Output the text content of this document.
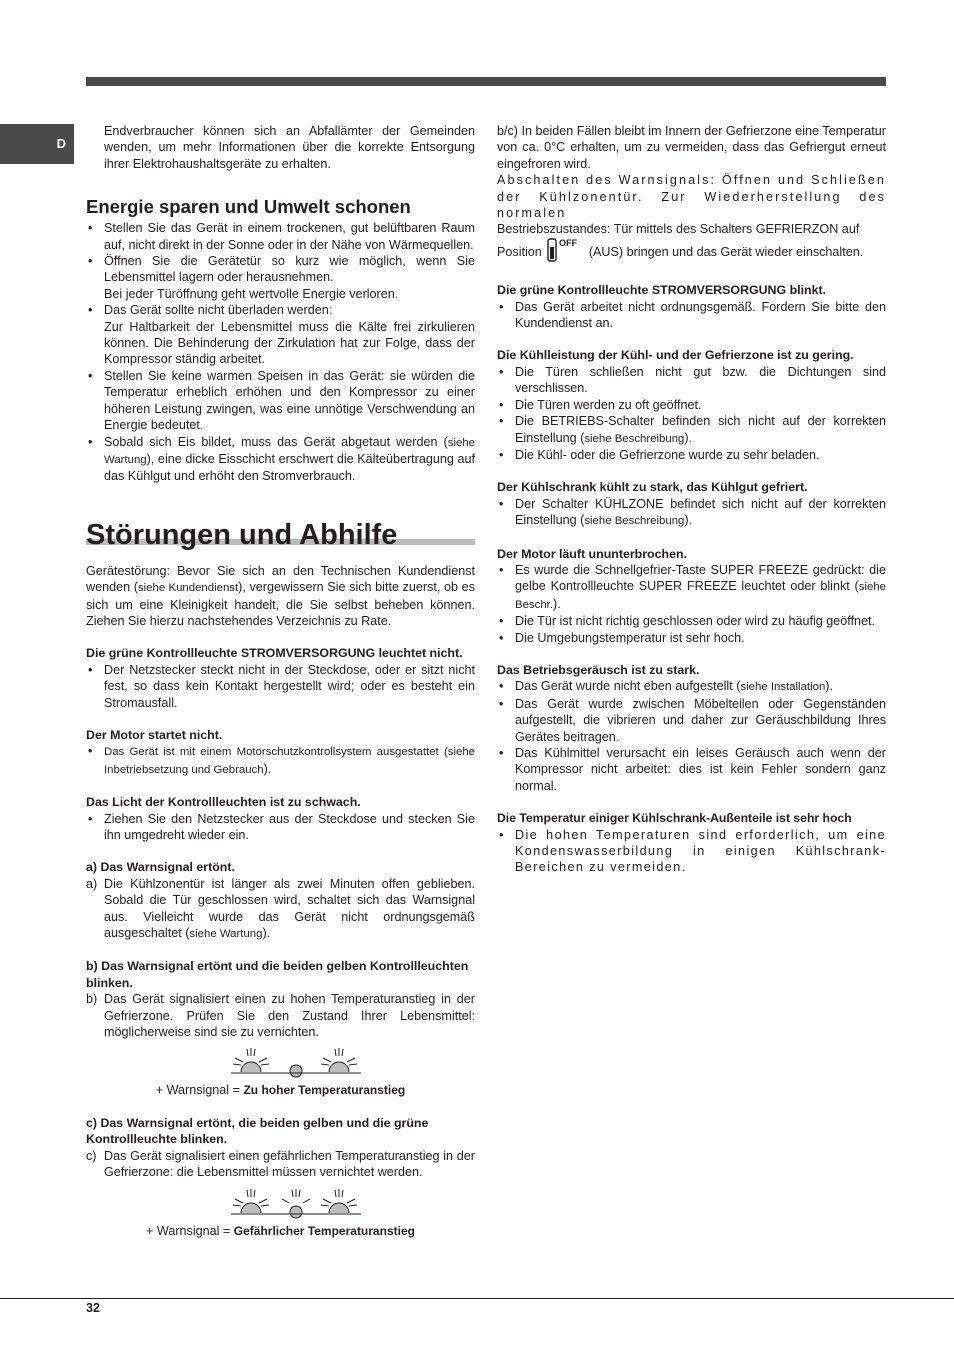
D

Endverbraucher können sich an Abfallämter der Gemeinden wenden, um mehr Informationen über die korrekte Entsorgung ihrer Elektrohaushaltsgeräte zu erhalten.

Energie sparen und Umwelt schonen
• Stellen Sie das Gerät in einem trockenen, gut belüftbaren Raum auf, nicht direkt in der Sonne oder in der Nähe von Wärmequellen.
• Öffnen Sie die Gerätetür so kurz wie möglich, wenn Sie Lebensmittel lagern oder herausnehmen.
Bei jeder Türöffnung geht wertvolle Energie verloren.
• Das Gerät sollte nicht überladen werden:
Zur Haltbarkeit der Lebensmittel muss die Kälte frei zirkulieren können. Die Behinderung der Zirkulation hat zur Folge, dass der Kompressor ständig arbeitet.
• Stellen Sie keine warmen Speisen in das Gerät: sie würden die Temperatur erheblich erhöhen und den Kompressor zu einer höheren Leistung zwingen, was eine unnötige Verschwendung an Energie bedeutet.
• Sobald sich Eis bildet, muss das Gerät abgetaut werden (siehe Wartung), eine dicke Eisschicht erschwert die Kälteübertragung auf das Kühlgut und erhöht den Stromverbrauch.
Störungen und Abhilfe

Gerätestörung: Bevor Sie sich an den Technischen Kundendienst wenden (siehe Kundendienst), vergewissern Sie sich bitte zuerst, ob es sich um eine Kleinigkeit handelt, die Sie selbst beheben können. Ziehen Sie hierzu nachstehendes Verzeichnis zu Rate.

Die grüne Kontrollleuchte STROMVERSORGUNG leuchtet nicht.
• Der Netzstecker steckt nicht in der Steckdose, oder er sitzt nicht fest, so dass kein Kontakt hergestellt wird; oder es besteht ein Stromausfall.
Der Motor startet nicht.
• Das Gerät ist mit einem Motorschutzkontrollsystem ausgestattet (siehe Inbetriebsetzung und Gebrauch).
Das Licht der Kontrollleuchten ist zu schwach.
• Ziehen Sie den Netzstecker aus der Steckdose und stecken Sie ihn umgedreht wieder ein.
a) Das Warnsignal ertönt.
a) Die Kühlzonentür ist länger als zwei Minuten offen geblieben. Sobald die Tür geschlossen wird, schaltet sich das Warnsignal aus. Vielleicht wurde das Gerät nicht ordnungsgemäß ausgeschaltet (siehe Wartung).
b) Das Warnsignal ertönt und die beiden gelben Kontrollleuchten blinken.
b) Das Gerät signalisiert einen zu hohen Temperaturanstieg in der Gefrierzone. Prüfen Sie den Zustand Ihrer Lebensmittel: möglicherweise sind sie zu vernichten.
+ Warnsignal = Zu hoher Temperaturanstieg
c) Das Warnsignal ertönt, die beiden gelben und die grüne Kontrollleuchte blinken.
c) Das Gerät signalisiert einen gefährlichen Temperaturanstieg in der Gefrierzone: die Lebensmittel müssen vernichtet werden.
+ Warnsignal = Gefährlicher Temperaturanstieg

b/c) In beiden Fällen bleibt im Innern der Gefrierzone eine Temperatur von ca. 0°C erhalten, um zu vermeiden, dass das Gefriergut erneut eingefroren wird.

Abschalten des Warnsignals: Öffnen und Schließen der Kühlzonentür. Zur Wiederherstellung des normalen

Bestriebszustandes: Tür mittels des Schalters GEFRIERZON auf

Position
OFF
(AUS) bringen und das Gerät wieder einschalten.

Die grüne Kontrollleuchte STROMVERSORGUNG blinkt.
• Das Gerät arbeitet nicht ordnungsgemäß. Fordern Sie bitte den Kundendienst an.
Die Kühlleistung der Kühl- und der Gefrierzone ist zu gering.
• Die Türen schließen nicht gut bzw. die Dichtungen sind verschlissen.
• Die Türen werden zu oft geöffnet.
• Die BETRIEBS-Schalter befinden sich nicht auf der korrekten Einstellung (siehe Beschreibung).
• Die Kühl- oder die Gefrierzone wurde zu sehr beladen.
Der Kühlschrank kühlt zu stark, das Kühlgut gefriert.
• Der Schalter KÜHLZONE befindet sich nicht auf der korrekten Einstellung (siehe Beschreibung).
Der Motor läuft ununterbrochen.
• Es wurde die Schnellgefrier-Taste SUPER FREEZE gedrückt: die gelbe Kontrollleuchte SUPER FREEZE leuchtet oder blinkt (siehe Beschr.).
• Die Tür ist nicht richtig geschlossen oder wird zu häufig geöffnet.
• Die Umgebungstemperatur ist sehr hoch.
Das Betriebsgeräusch ist zu stark.
• Das Gerät wurde nicht eben aufgestellt (siehe Installation).
• Das Gerät wurde zwischen Möbelteilen oder Gegenständen aufgestellt, die vibrieren und daher zur Geräuschbildung Ihres Gerätes beitragen.
• Das Kühlmittel verursacht ein leises Geräusch auch wenn der Kompressor nicht arbeitet: dies ist kein Fehler sondern ganz normal.
Die Temperatur einiger Kühlschrank-Außenteile ist sehr hoch
• Die hohen Temperaturen sind erforderlich, um eine Kondenswasserbildung in einigen Kühlschrank-Bereichen zu vermeiden.
32
